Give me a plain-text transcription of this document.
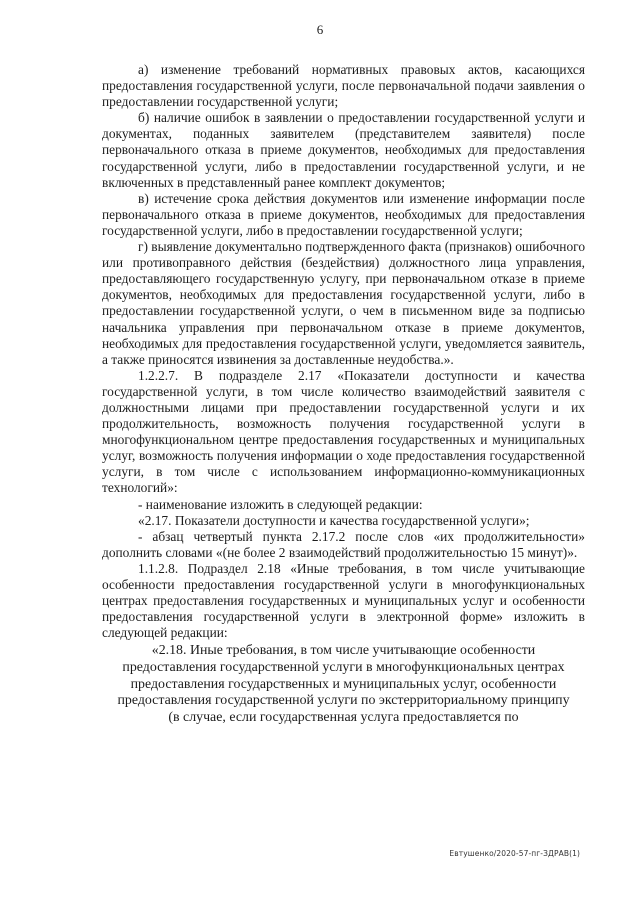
6

а) изменение требований нормативных правовых актов, касающихся предоставления государственной услуги, после первоначальной подачи заявления о предоставлении государственной услуги;

б) наличие ошибок в заявлении о предоставлении государственной услуги и документах, поданных заявителем (представителем заявителя) после первоначального отказа в приеме документов, необходимых для предоставления государственной услуги, либо в предоставлении государственной услуги, и не включенных в представленный ранее комплект документов;

в) истечение срока действия документов или изменение информации после первоначального отказа в приеме документов, необходимых для предоставления государственной услуги, либо в предоставлении государственной услуги;

г) выявление документально подтвержденного факта (признаков) ошибочного или противоправного действия (бездействия) должностного лица управления, предоставляющего государственную услугу, при первоначальном отказе в приеме документов, необходимых для предоставления государственной услуги, либо в предоставлении государственной услуги, о чем в письменном виде за подписью начальника управления при первоначальном отказе в приеме документов, необходимых для предоставления государственной услуги, уведомляется заявитель, а также приносятся извинения за доставленные неудобства.».

1.2.2.7. В подразделе 2.17 «Показатели доступности и качества государственной услуги, в том числе количество взаимодействий заявителя с должностными лицами при предоставлении государственной услуги и их продолжительность, возможность получения государственной услуги в многофункциональном центре предоставления государственных и муниципальных услуг, возможность получения информации о ходе предоставления государственной услуги, в том числе с использованием информационно-коммуникационных технологий»:

- наименование изложить в следующей редакции:

«2.17. Показатели доступности и качества государственной услуги»;

- абзац четвертый пункта 2.17.2 после слов «их продолжительности» дополнить словами «(не более 2 взаимодействий продолжительностью 15 минут)».

1.1.2.8. Подраздел 2.18 «Иные требования, в том числе учитывающие особенности предоставления государственной услуги в многофункциональных центрах предоставления государственных и муниципальных услуг и особенности предоставления государственной услуги в электронной форме» изложить в следующей редакции:

«2.18. Иные требования, в том числе учитывающие особенности
предоставления государственной услуги в многофункциональных центрах
предоставления государственных и муниципальных услуг, особенности
предоставления государственной услуги по экстерриториальному принципу
(в случае, если государственная услуга предоставляется по

Евтушенко/2020-57-пг-ЗДРАВ(1)
